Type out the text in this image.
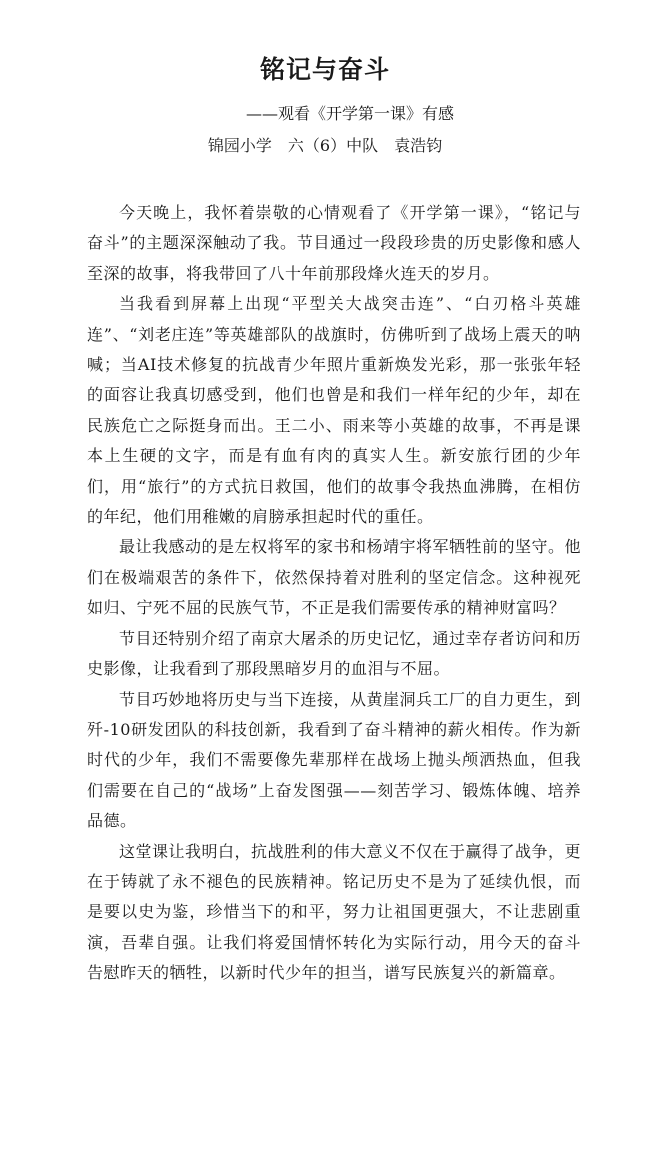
铭记与奋斗
——观看《开学第一课》有感
锦园小学　六（6）中队　袁浩钧

今天晚上，我怀着崇敬的心情观看了《开学第一课》，“铭记与奋斗”的主题深深触动了我。节目通过一段段珍贵的历史影像和感人至深的故事，将我带回了八十年前那段烽火连天的岁月。

当我看到屏幕上出现“平型关大战突击连”、“白刃格斗英雄连”、“刘老庄连”等英雄部队的战旗时，仿佛听到了战场上震天的呐喊；当AI技术修复的抗战青少年照片重新焕发光彩，那一张张年轻的面容让我真切感受到，他们也曾是和我们一样年纪的少年，却在民族危亡之际挺身而出。王二小、雨来等小英雄的故事，不再是课本上生硬的文字，而是有血有肉的真实人生。新安旅行团的少年们，用“旅行”的方式抗日救国，他们的故事令我热血沸腾，在相仿的年纪，他们用稚嫩的肩膀承担起时代的重任。

最让我感动的是左权将军的家书和杨靖宇将军牺牲前的坚守。他们在极端艰苦的条件下，依然保持着对胜利的坚定信念。这种视死如归、宁死不屈的民族气节，不正是我们需要传承的精神财富吗？

节目还特别介绍了南京大屠杀的历史记忆，通过幸存者访问和历史影像，让我看到了那段黑暗岁月的血泪与不屈。

节目巧妙地将历史与当下连接，从黄崖洞兵工厂的自力更生，到歼-10研发团队的科技创新，我看到了奋斗精神的薪火相传。作为新时代的少年，我们不需要像先辈那样在战场上抛头颅洒热血，但我们需要在自己的“战场”上奋发图强——刻苦学习、锻炼体魄、培养品德。

这堂课让我明白，抗战胜利的伟大意义不仅在于赢得了战争，更在于铸就了永不褪色的民族精神。铭记历史不是为了延续仇恨，而是要以史为鉴，珍惜当下的和平，努力让祖国更强大，不让悲剧重演，吾辈自强。让我们将爱国情怀转化为实际行动，用今天的奋斗告慰昨天的牺牲，以新时代少年的担当，谱写民族复兴的新篇章。
